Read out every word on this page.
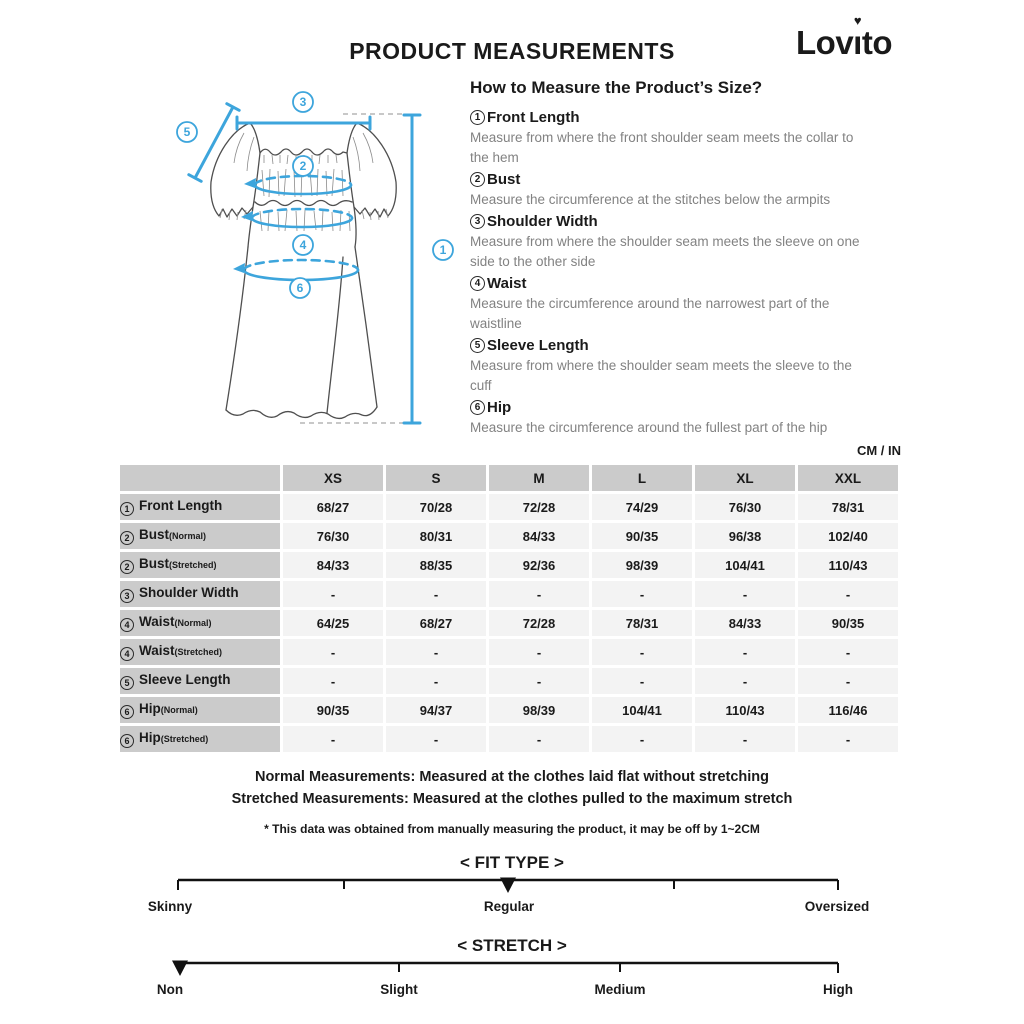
PRODUCT MEASUREMENTS	Lovı
♥
to
1
2
3
4
5
6
How to Measure the Product’s Size?
1 Front Length
Measure from where the front shoulder seam meets the collar to the hem
2 Bust
Measure the circumference at the stitches below the armpits
3 Shoulder Width
Measure from where the shoulder seam meets the sleeve on one side to the other side
4 Waist
Measure the circumference around the narrowest part of the waistline
5 Sleeve Length
Measure from where the shoulder seam meets the sleeve to the cuff
6 Hip
Measure the circumference around the fullest part of the hip
CM / IN
	XS	S	M	L	XL	XXL
1 Front Length	68/27	70/28	72/28	74/29	76/30	78/31
2 Bust(Normal)	76/30	80/31	84/33	90/35	96/38	102/40
2 Bust(Stretched)	84/33	88/35	92/36	98/39	104/41	110/43
3 Shoulder Width	-	-	-	-	-	-
4 Waist(Normal)	64/25	68/27	72/28	78/31	84/33	90/35
4 Waist(Stretched)	-	-	-	-	-	-
5 Sleeve Length	-	-	-	-	-	-
6 Hip(Normal)	90/35	94/37	98/39	104/41	110/43	116/46
6 Hip(Stretched)	-	-	-	-	-	-
Normal Measurements: Measured at the clothes laid flat without stretching
Stretched Measurements: Measured at the clothes pulled to the maximum stretch
* This data was obtained from manually measuring the product, it may be off by 1~2CM
< FIT TYPE >
Skinny	Regular	Oversized
< STRETCH >
Non	Slight	Medium	High
